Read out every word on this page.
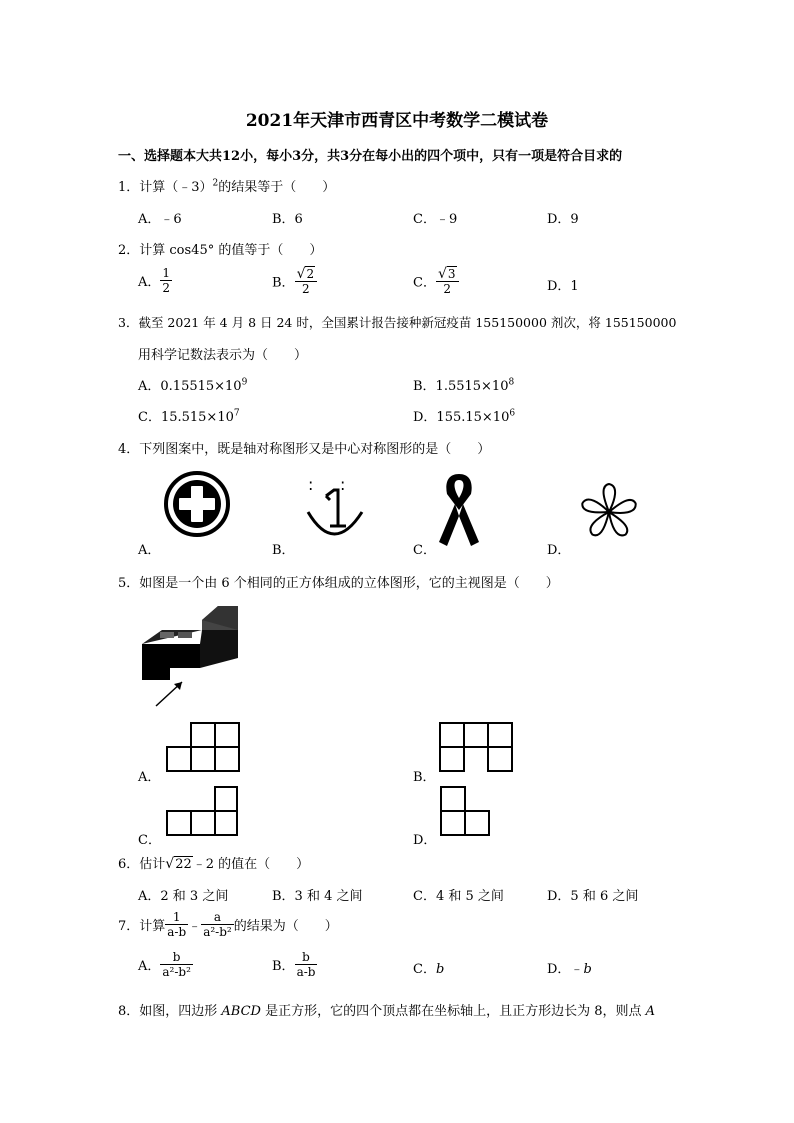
2021年天津市西青区中考数学二模试卷
一、选择题本大共12小，每小3分，共3分在每小出的四个项中，只有一项是符合目求的
1．计算（﹣3）$^2$的结果等于（　　）
A．﹣6	B．6	C．﹣9	D．9
2．计算 cos45° 的值等于（　　）
A． $\frac{1}{2}$	B． $\frac{√2}{2}$	C． $\frac{√3}{2}$	D．1
3．截至 2021 年 4 月 8 日 24 时，全国累计报告接种新冠疫苗 155150000 剂次，将 155150000
用科学记数法表示为（　　）
A．$0.15515\times 10^9$	B．$1.5515\times 10^8$
C．$15.515\times 10^7$	D．$155.15\times 10^6$
4．下列图案中，既是轴对称图形又是中心对称图形的是（　　）
A．
: :
B．	C．	D．
5．如图是一个由 6 个相同的正方体组成的立体图形，它的主视图是（　　）
A．	B．
C．	D．
6．估计√22﹣2 的值在（　　）
A．2 和 3 之间	B．3 和 4 之间	C．4 和 5 之间	D．5 和 6 之间
7．计算 $\frac{1}{a-b}$ ﹣ $\frac{a}{\text{a²-b²}}$ 的结果为（　　）
A． $\frac{b}{\text{a²-b²}}$	B． $\frac{b}{a-b}$	C．b	D．﹣b
8．如图，四边形 ABCD 是正方形，它的四个顶点都在坐标轴上，且正方形边长为 8，则点 A
